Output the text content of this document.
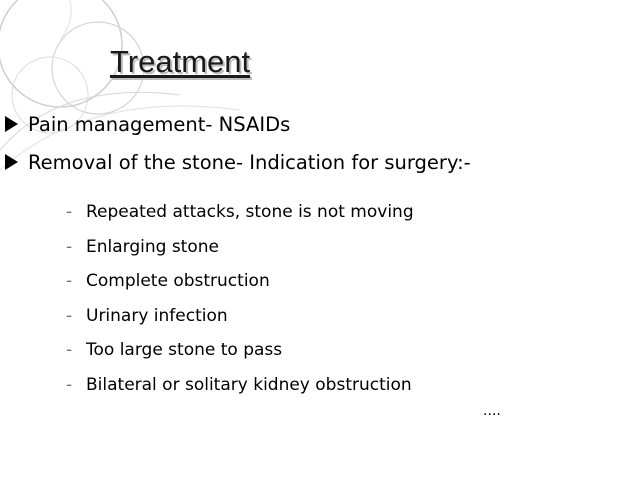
Treatment
Pain management- NSAIDs
Removal of the stone- Indication for surgery:-
- Repeated attacks, stone is not moving
- Enlarging stone
- Complete obstruction
- Urinary infection
- Too large stone to pass
- Bilateral or solitary kidney obstruction
....
